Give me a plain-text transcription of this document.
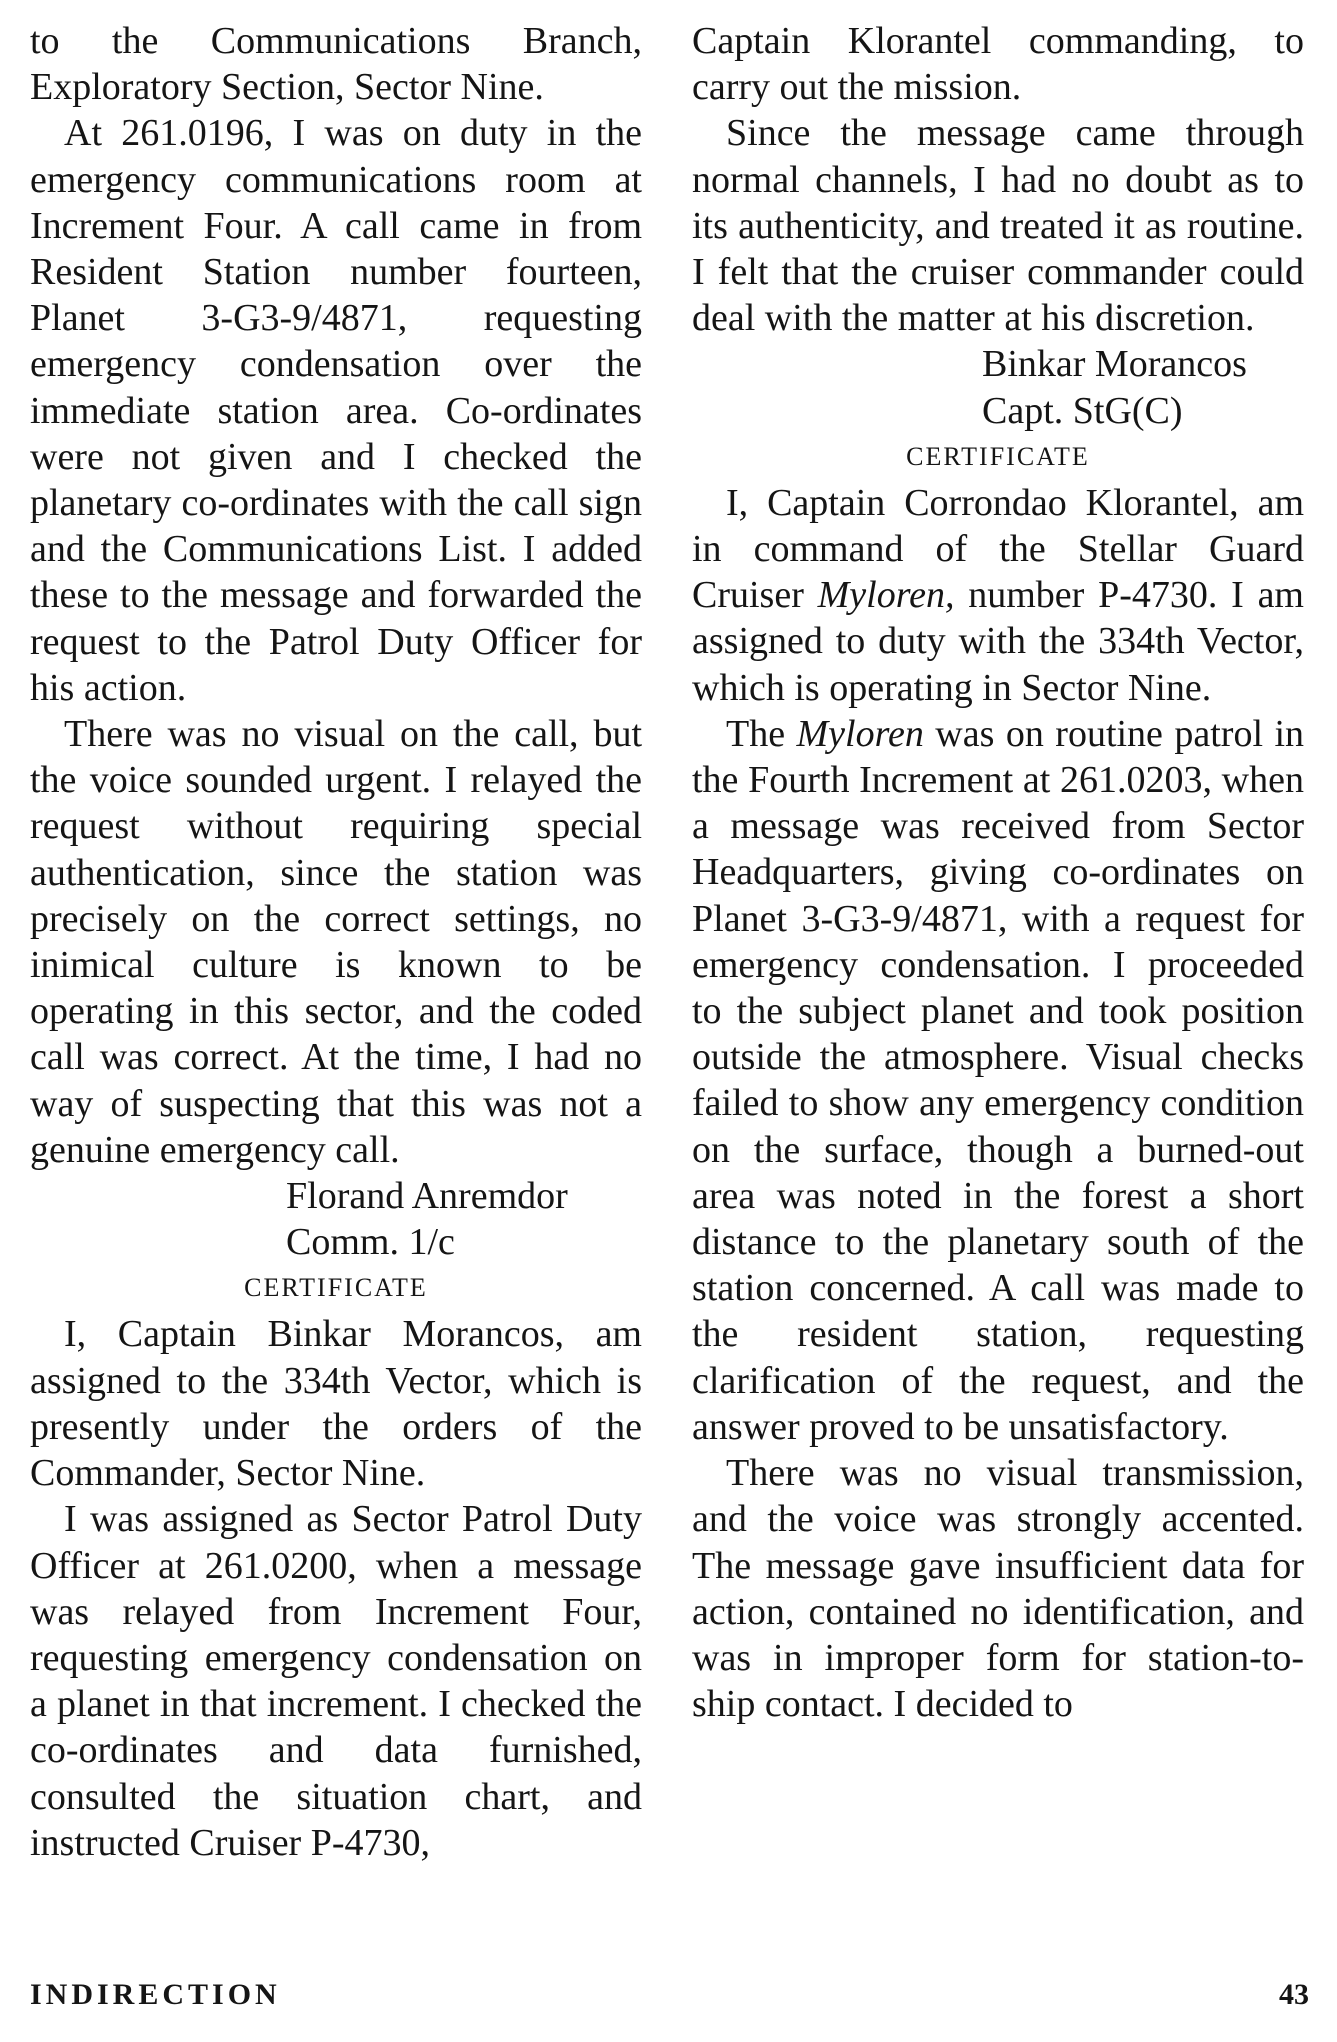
to the Communications Branch, Exploratory Section, Sector Nine.

At 261.0196, I was on duty in the emergency communications room at Increment Four. A call came in from Resident Station number fourteen, Planet 3-G3-9/4871, requesting emergency condensation over the immediate station area. Co-ordinates were not given and I checked the planetary co-ordinates with the call sign and the Communications List. I added these to the message and forwarded the request to the Patrol Duty Officer for his action.

There was no visual on the call, but the voice sounded urgent. I relayed the request without requiring special authentication, since the station was precisely on the correct settings, no inimical culture is known to be operating in this sector, and the coded call was correct. At the time, I had no way of suspecting that this was not a genuine emergency call.

Florand Anremdor
Comm. 1/c

CERTIFICATE

I, Captain Binkar Morancos, am assigned to the 334th Vector, which is presently under the orders of the Commander, Sector Nine.

I was assigned as Sector Patrol Duty Officer at 261.0200, when a message was relayed from Increment Four, requesting emergency condensation on a planet in that increment. I checked the co-ordinates and data furnished, consulted the situation chart, and instructed Cruiser P-4730,

Captain Klorantel commanding, to carry out the mission.

Since the message came through normal channels, I had no doubt as to its authenticity, and treated it as routine. I felt that the cruiser commander could deal with the matter at his discretion.

Binkar Morancos
Capt. StG(C)

CERTIFICATE

I, Captain Corrondao Klorantel, am in command of the Stellar Guard Cruiser Myloren, number P-4730. I am assigned to duty with the 334th Vector, which is operating in Sector Nine.

The Myloren was on routine patrol in the Fourth Increment at 261.0203, when a message was received from Sector Headquarters, giving co-ordinates on Planet 3-G3-9/4871, with a request for emergency condensation. I proceeded to the subject planet and took position outside the atmosphere. Visual checks failed to show any emergency condition on the surface, though a burned-out area was noted in the forest a short distance to the planetary south of the station concerned. A call was made to the resident station, requesting clarification of the request, and the answer proved to be unsatisfactory.

There was no visual transmission, and the voice was strongly accented. The message gave insufficient data for action, contained no identification, and was in improper form for station-to-ship contact. I decided to

INDIRECTION	43
